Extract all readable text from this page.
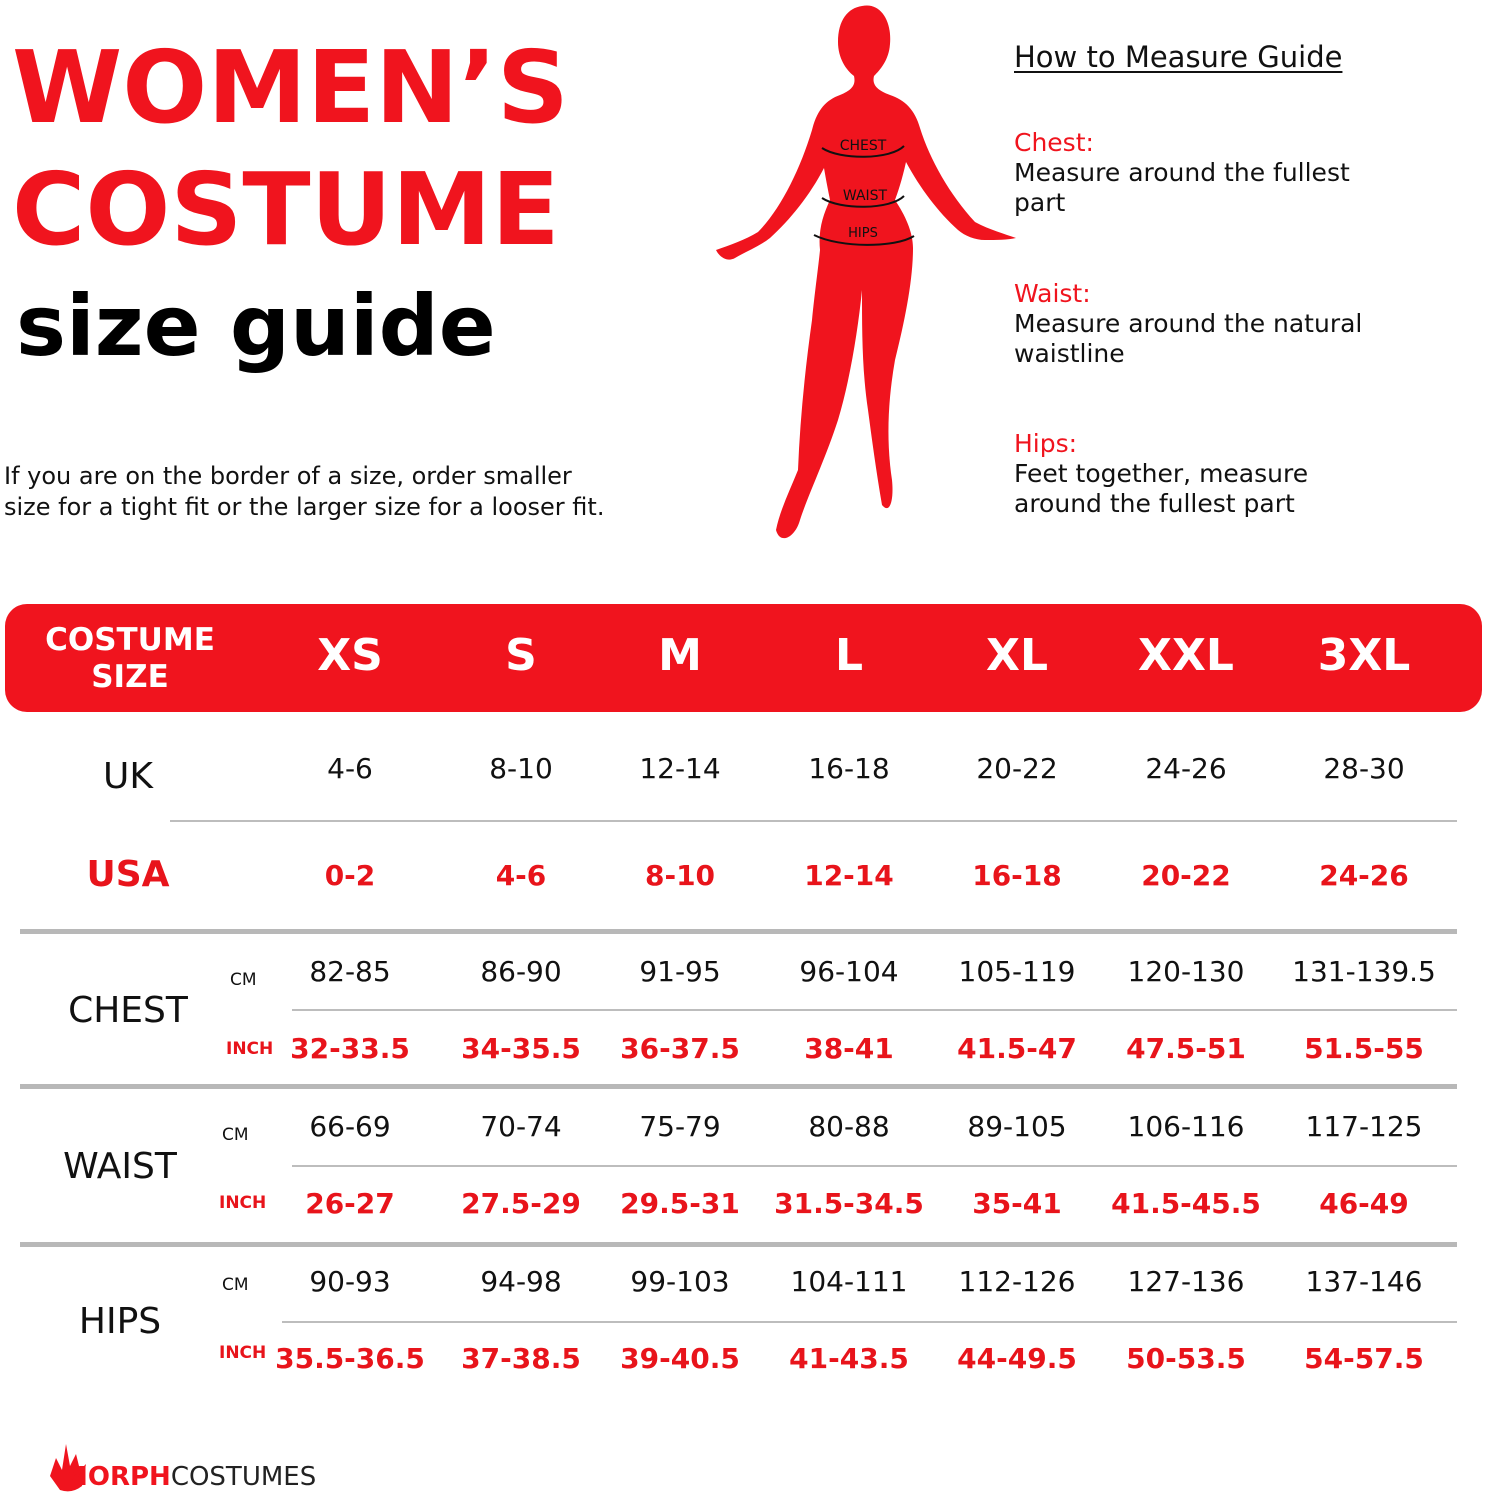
WOMEN’S
COSTUME
size guide
If you are on the border of a size, order smaller
size for a tight fit or the larger size for a looser fit.
CHEST
WAIST
HIPS
How to Measure Guide
Chest:
Measure around the fullest
part
Waist:
Measure around the natural
waistline
Hips:
Feet together, measure
around the fullest part
COSTUME
SIZE	XS	S	M	L	XL XXL 3XL
UK	4-6	8-10	12-14	16-18	20-22	24-26	28-30
USA	0-2	4-6	8-10	12-14	16-18	20-22	24-26
CHEST
CM
INCH
82-85	86-90	91-95	96-104 105-119 120-130 131-139.5
32-33.5 34-35.5 36-37.5 38-41 41.5-47 47.5-51 51.5-55
WAIST
CM
INCH
66-69	70-74	75-79	80-88	89-105 106-116 117-125
26-27 27.5-29 29.5-31 31.5-34.5 35-41 41.5-45.5 46-49
HIPS
CM
INCH
90-93	94-98 99-103 104-111 112-126 127-136 137-146
35.5-36.5 37-38.5 39-40.5 41-43.5 44-49.5 50-53.5 54-57.5
MORPHCOSTUMES
